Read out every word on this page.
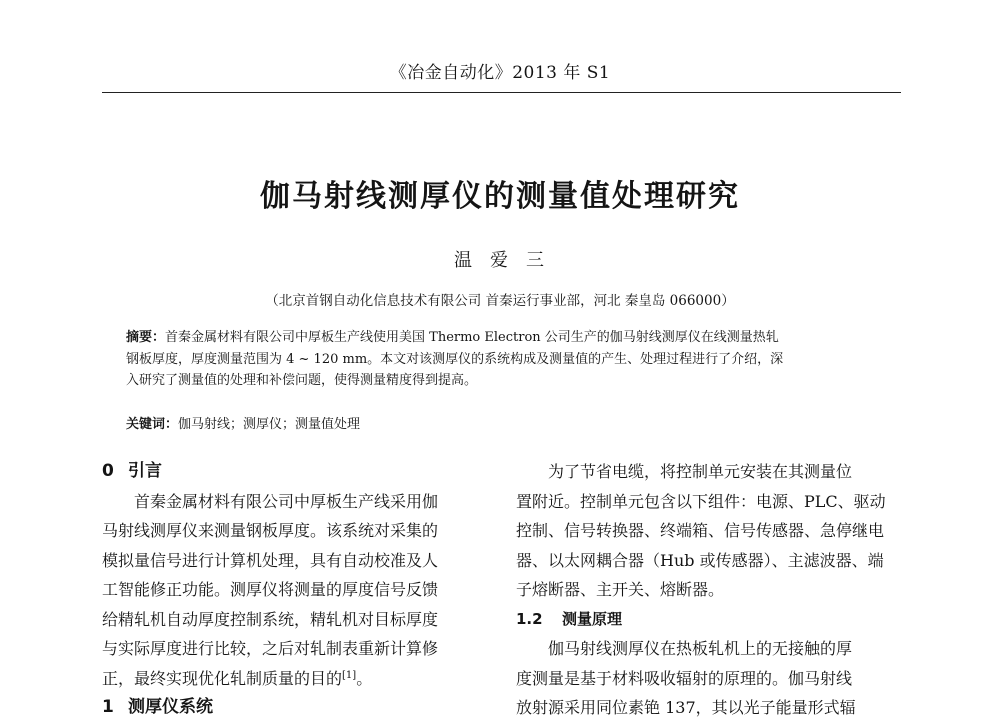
《冶金自动化》2013 年 S1
伽马射线测厚仪的测量值处理研究
温爱三
（北京首钢自动化信息技术有限公司 首秦运行事业部，河北 秦皇岛 066000）
摘要：首秦金属材料有限公司中厚板生产线使用美国 Thermo Electron 公司生产的伽马射线测厚仪在线测量热轧
钢板厚度，厚度测量范围为 4 ~ 120 mm。本文对该测厚仪的系统构成及测量值的产生、处理过程进行了介绍，深
入研究了测量值的处理和补偿问题，使得测量精度得到提高。
关键词：伽马射线；测厚仪；测量值处理
0 引言
首秦金属材料有限公司中厚板生产线采用伽
马射线测厚仪来测量钢板厚度。该系统对采集的
模拟量信号进行计算机处理，具有自动校准及人
工智能修正功能。测厚仪将测量的厚度信号反馈
给精轧机自动厚度控制系统，精轧机对目标厚度
与实际厚度进行比较，之后对轧制表重新计算修
正，最终实现优化轧制质量的目的[1]。
1 测厚仪系统
为了节省电缆，将控制单元安装在其测量位
置附近。控制单元包含以下组件：电源、PLC、驱动
控制、信号转换器、终端箱、信号传感器、急停继电
器、以太网耦合器（Hub 或传感器）、主滤波器、端
子熔断器、主开关、熔断器。
1.2 测量原理
伽马射线测厚仪在热板轧机上的无接触的厚
度测量是基于材料吸收辐射的原理的。伽马射线
放射源采用同位素铯 137，其以光子能量形式辐
